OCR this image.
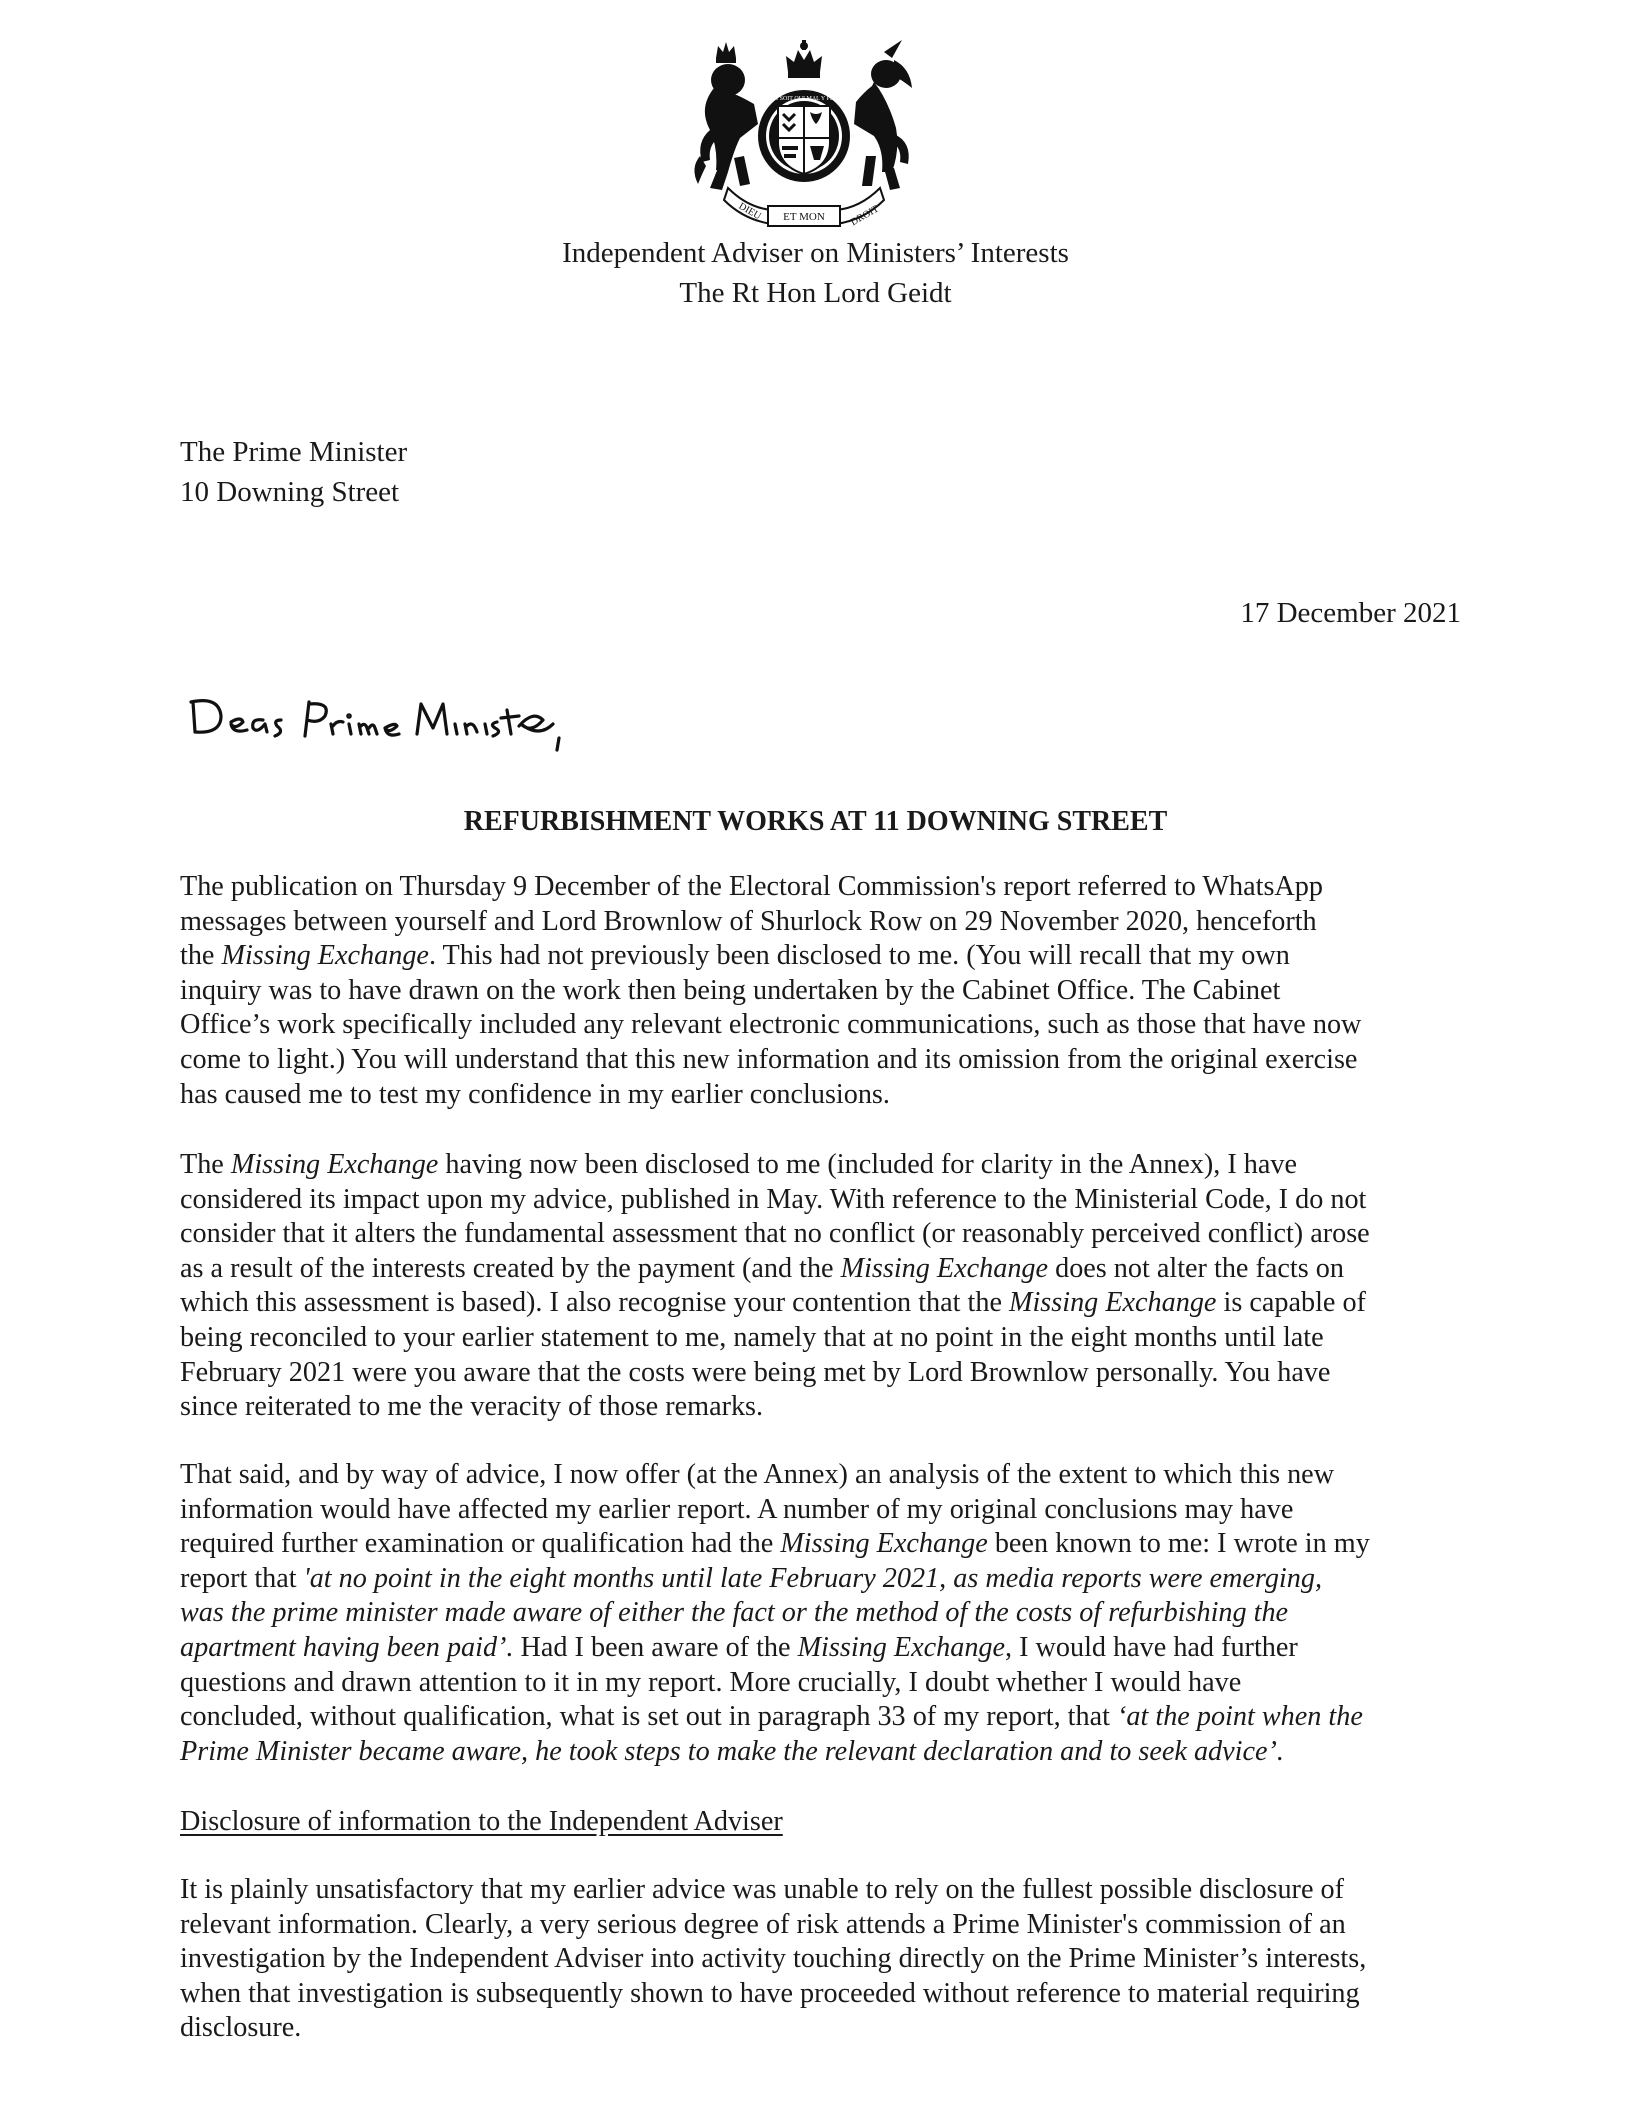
DIEU	DROIT
ET MON
HONI SOIT QUI MAL Y PENSE
Independent Adviser on Ministers’ Interests
The Rt Hon Lord Geidt
The Prime Minister
10 Downing Street
17 December 2021
REFURBISHMENT WORKS AT 11 DOWNING STREET
The publication on Thursday 9 December of the Electoral Commission's report referred to WhatsApp
messages between yourself and Lord Brownlow of Shurlock Row on 29 November 2020, henceforth
the Missing Exchange. This had not previously been disclosed to me. (You will recall that my own
inquiry was to have drawn on the work then being undertaken by the Cabinet Office. The Cabinet
Office’s work specifically included any relevant electronic communications, such as those that have now
come to light.) You will understand that this new information and its omission from the original exercise
has caused me to test my confidence in my earlier conclusions.
The Missing Exchange having now been disclosed to me (included for clarity in the Annex), I have
considered its impact upon my advice, published in May. With reference to the Ministerial Code, I do not
consider that it alters the fundamental assessment that no conflict (or reasonably perceived conflict) arose
as a result of the interests created by the payment (and the Missing Exchange does not alter the facts on
which this assessment is based). I also recognise your contention that the Missing Exchange is capable of
being reconciled to your earlier statement to me, namely that at no point in the eight months until late
February 2021 were you aware that the costs were being met by Lord Brownlow personally. You have
since reiterated to me the veracity of those remarks.
That said, and by way of advice, I now offer (at the Annex) an analysis of the extent to which this new
information would have affected my earlier report. A number of my original conclusions may have
required further examination or qualification had the Missing Exchange been known to me: I wrote in my
report that 'at no point in the eight months until late February 2021, as media reports were emerging,
was the prime minister made aware of either the fact or the method of the costs of refurbishing the
apartment having been paid’. Had I been aware of the Missing Exchange, I would have had further
questions and drawn attention to it in my report. More crucially, I doubt whether I would have
concluded, without qualification, what is set out in paragraph 33 of my report, that ‘at the point when the
Prime Minister became aware, he took steps to make the relevant declaration and to seek advice’.
Disclosure of information to the Independent Adviser
It is plainly unsatisfactory that my earlier advice was unable to rely on the fullest possible disclosure of
relevant information. Clearly, a very serious degree of risk attends a Prime Minister's commission of an
investigation by the Independent Adviser into activity touching directly on the Prime Minister’s interests,
when that investigation is subsequently shown to have proceeded without reference to material requiring
disclosure.
